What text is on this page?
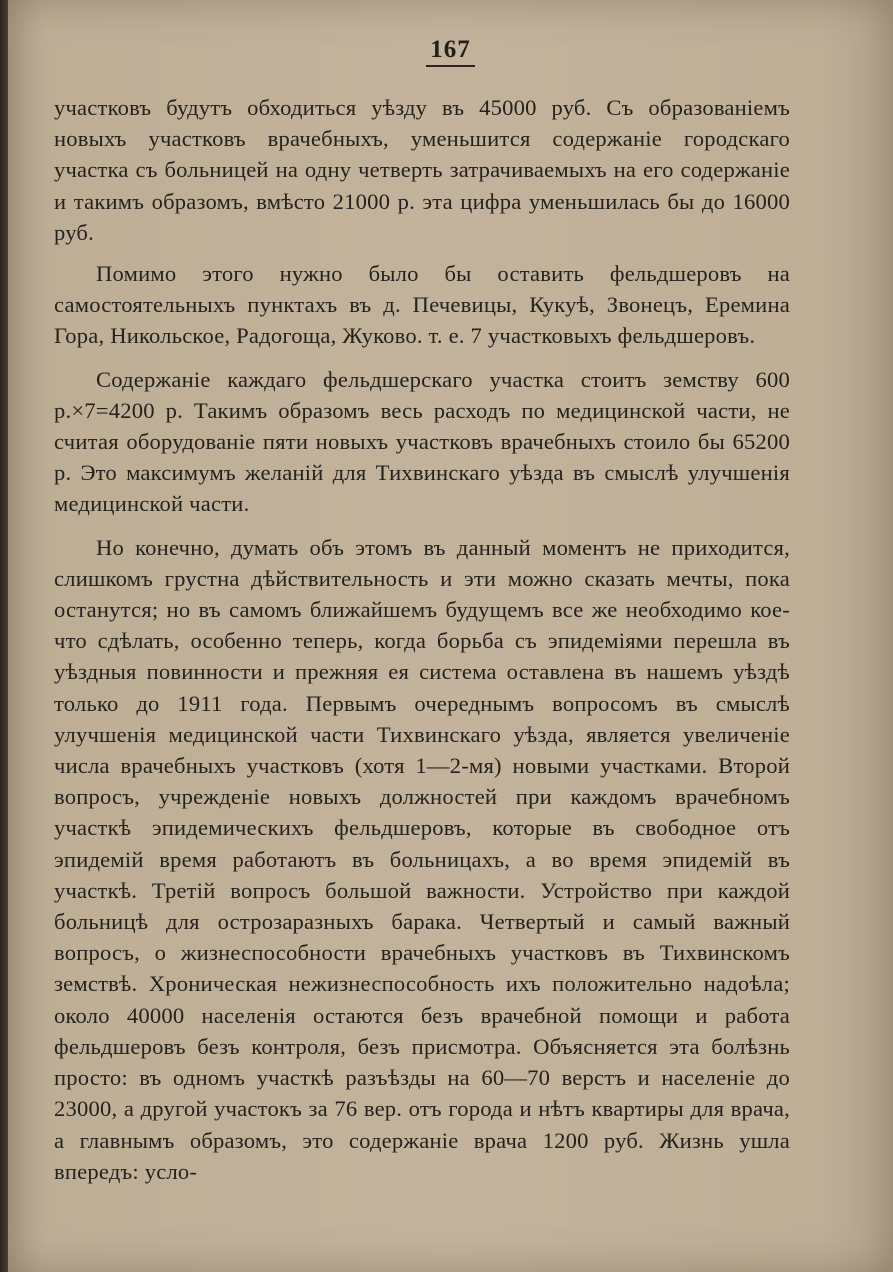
167

участковъ будутъ обходиться уѣзду въ 45000 руб. Съ образованіемъ новыхъ участковъ врачебныхъ, уменьшится содержаніе городскаго участка съ больницей на одну четверть затрачиваемыхъ на его содержаніе и такимъ образомъ, вмѣсто 21000 р. эта цифра уменьшилась бы до 16000 руб.

Помимо этого нужно было бы оставить фельдшеровъ на самостоятельныхъ пунктахъ въ д. Печевицы, Кукуѣ, Звонецъ, Еремина Гора, Никольское, Радогоща, Жуково. т. е. 7 участковыхъ фельдшеровъ.

Содержаніе каждаго фельдшерскаго участка стоитъ земству 600 р.×7=4200 р. Такимъ образомъ весь расходъ по медицинской части, не считая оборудованіе пяти новыхъ участковъ врачебныхъ стоило бы 65200 р. Это максимумъ желаній для Тихвинскаго уѣзда въ смыслѣ улучшенія медицинской части.

Но конечно, думать объ этомъ въ данный моментъ не приходится, слишкомъ грустна дѣйствительность и эти можно сказать мечты, пока останутся; но въ самомъ ближайшемъ будущемъ все же необходимо кое-что сдѣлать, особенно теперь, когда борьба съ эпидеміями перешла въ уѣздныя повинности и прежняя ея система оставлена въ нашемъ уѣздѣ только до 1911 года. Первымъ очереднымъ вопросомъ въ смыслѣ улучшенія медицинской части Тихвинскаго уѣзда, является увеличеніе числа врачебныхъ участковъ (хотя 1—2-мя) новыми участками. Второй вопросъ, учрежденіе новыхъ должностей при каждомъ врачебномъ участкѣ эпидемическихъ фельдшеровъ, которые въ свободное отъ эпидемій время работаютъ въ больницахъ, а во время эпидемій въ участкѣ. Третій вопросъ большой важности. Устройство при каждой больницѣ для острозаразныхъ барака. Четвертый и самый важный вопросъ, о жизнеспособности врачебныхъ участковъ въ Тихвинскомъ земствѣ. Хроническая нежизнеспособность ихъ положительно надоѣла; около 40000 населенія остаются безъ врачебной помощи и работа фельдшеровъ безъ контроля, безъ присмотра. Объясняется эта болѣзнь просто: въ одномъ участкѣ разъѣзды на 60—70 верстъ и населеніе до 23000, а другой участокъ за 76 вер. отъ города и нѣтъ квартиры для врача, а главнымъ образомъ, это содержаніе врача 1200 руб. Жизнь ушла впередъ: усло-
